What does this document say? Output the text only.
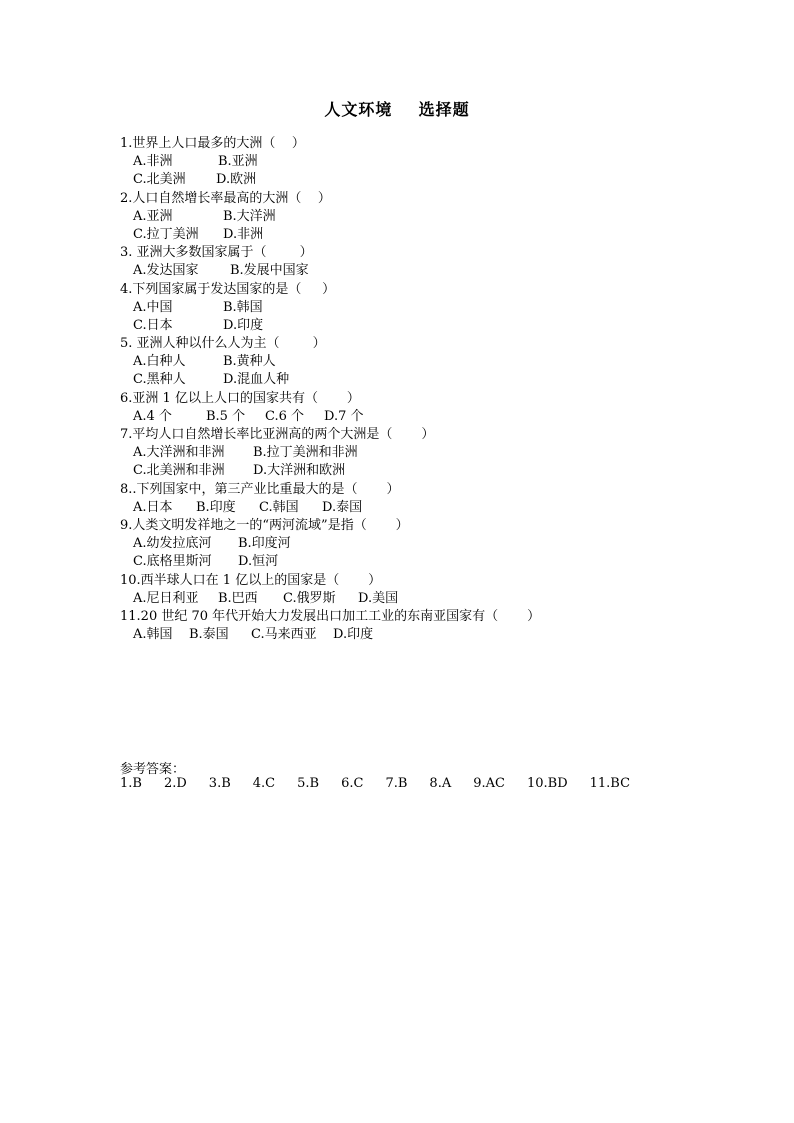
人文环境    选择题
1.世界上人口最多的大洲（    ）
A.非洲	B.亚洲
C.北美洲 D.欧洲
2.人口自然增长率最高的大洲（    ）
A.亚洲	B.大洋洲
C.拉丁美洲 D.非洲
3. 亚洲大多数国家属于（        ）
A.发达国家 B.发展中国家
4.下列国家属于发达国家的是（     ）
A.中国	B.韩国
C.日本	D.印度
5. 亚洲人种以什么人为主（        ）
A.白种人	B.黄种人
C.黑种人	D.混血人种
6.亚洲 1 亿以上人口的国家共有（       ）
A.4 个	B.5 个 C.6 个 D.7 个
7.平均人口自然增长率比亚洲高的两个大洲是（       ）
A.大洋洲和非洲 B.拉丁美洲和非洲
C.北美洲和非洲 D.大洋洲和欧洲
8..下列国家中，第三产业比重最大的是（       ）
A.日本 B.印度 C.韩国 D.泰国
9.人类文明发祥地之一的“两河流域”是指（       ）
A.幼发拉底河 B.印度河
C.底格里斯河 D.恒河
10.西半球人口在 1 亿以上的国家是（       ）
A.尼日利亚 B.巴西 C.俄罗斯 D.美国
11.20 世纪 70 年代开始大力发展出口加工工业的东南亚国家有（       ）
A.韩国 B.泰国 C.马来西亚 D.印度
参考答案：
1.B 2.D 3.B 4.C 5.B 6.C 7.B 8.A 9.AC 10.BD 11.BC
